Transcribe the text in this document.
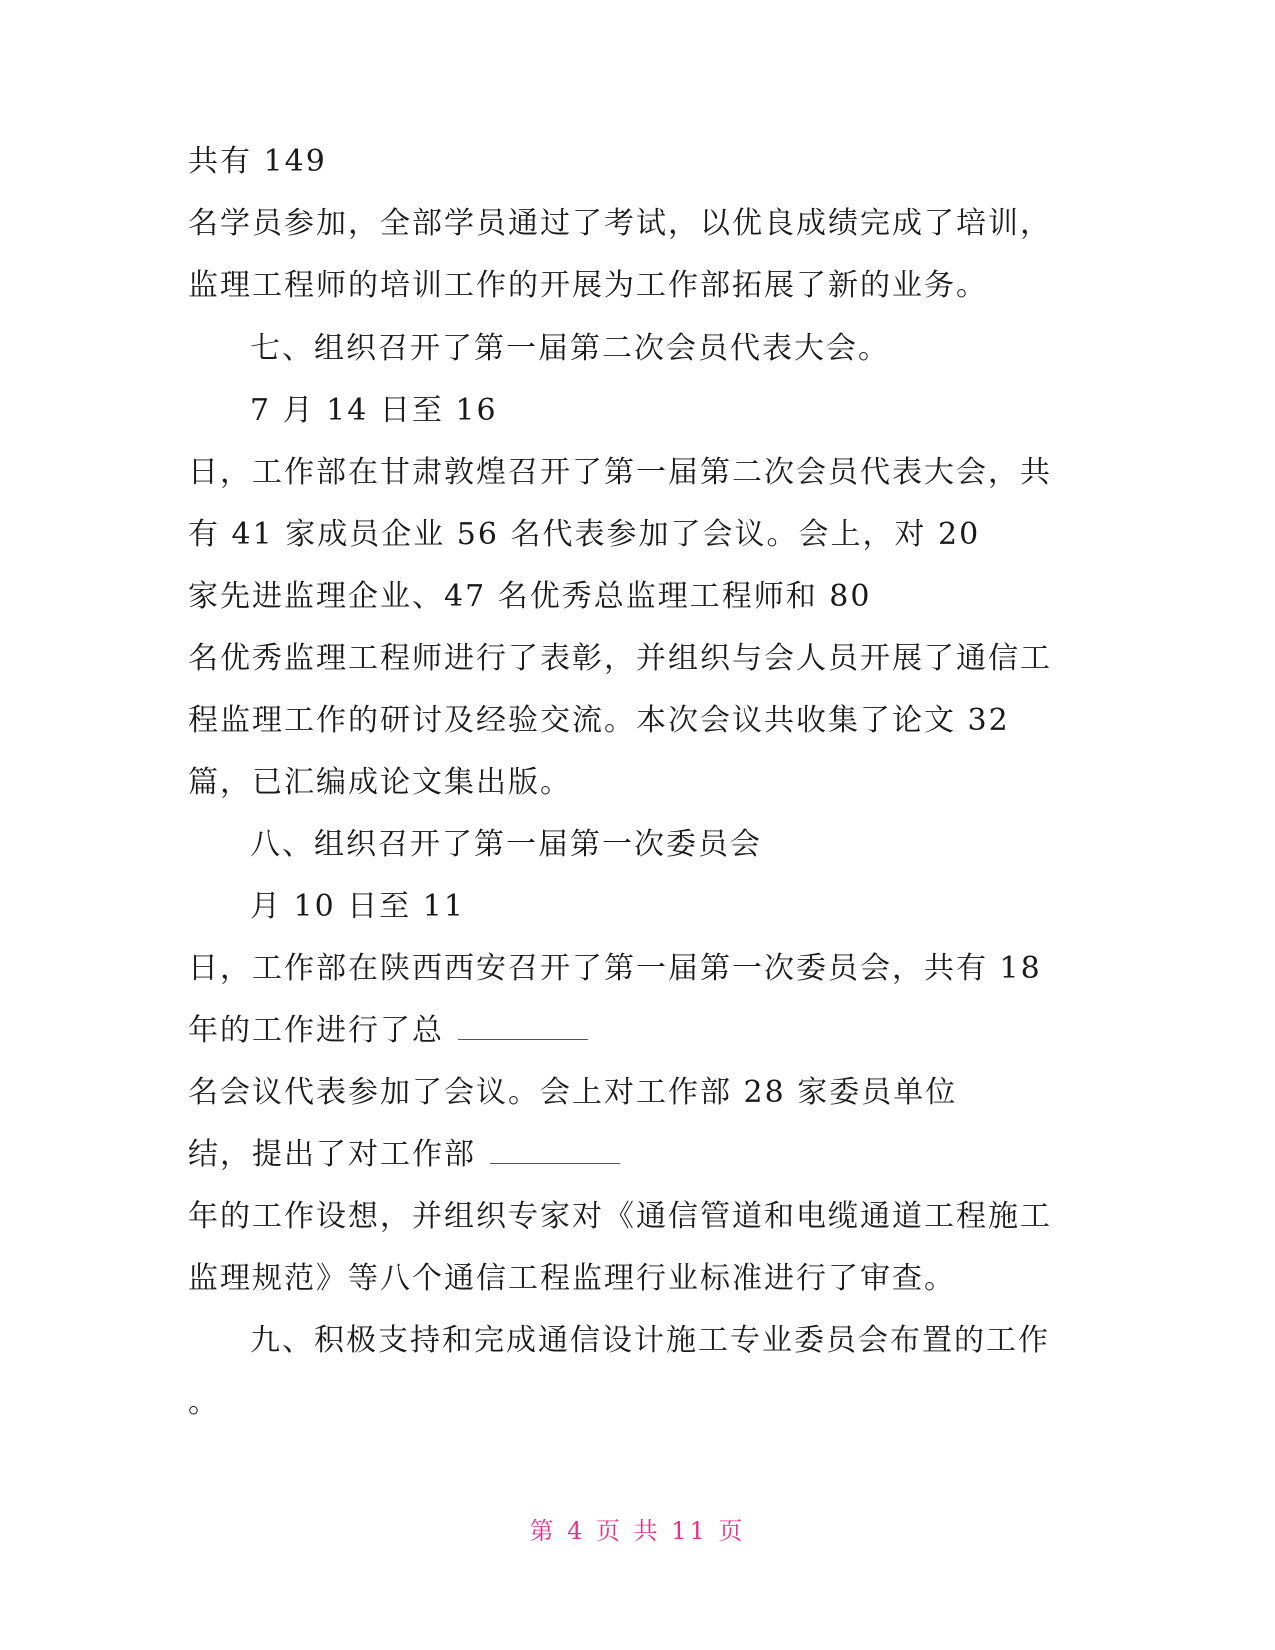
共有 149
名学员参加，全部学员通过了考试，以优良成绩完成了培训，
监理工程师的培训工作的开展为工作部拓展了新的业务。
七、组织召开了第一届第二次会员代表大会。
7 月 14 日至 16
日，工作部在甘肃敦煌召开了第一届第二次会员代表大会，共
有 41 家成员企业 56 名代表参加了会议。会上，对 20
家先进监理企业、47 名优秀总监理工程师和 80
名优秀监理工程师进行了表彰，并组织与会人员开展了通信工
程监理工作的研讨及经验交流。本次会议共收集了论文 32
篇，已汇编成论文集出版。
八、组织召开了第一届第一次委员会
月 10 日至 11
日，工作部在陕西西安召开了第一届第一次委员会，共有 18
年的工作进行了总
名会议代表参加了会议。会上对工作部 28 家委员单位
结，提出了对工作部
年的工作设想，并组织专家对《通信管道和电缆通道工程施工
监理规范》等八个通信工程监理行业标准进行了审查。
九、积极支持和完成通信设计施工专业委员会布置的工作
。
第 4 页 共 11 页
